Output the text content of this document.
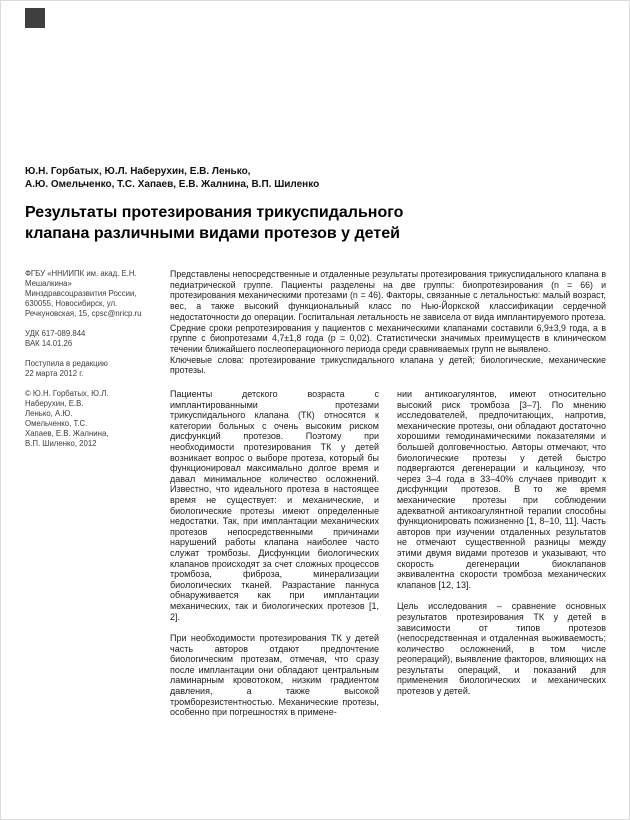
Ю.Н. Горбатых, Ю.Л. Наберухин, Е.В. Ленько,
А.Ю. Омельченко, Т.С. Хапаев, Е.В. Жалнина, В.П. Шиленко
Результаты протезирования трикуспидального
клапана различными видами протезов у детей
ФГБУ «ННИИПК им. акад. Е.Н. Мешалкина» Минздравсоцразвития России, 630055, Новосибирск, ул. Речкуновская, 15, cpsc@nricp.ru
УДК 617-089.844
ВАК 14.01.26
Поступила в редакцию 22 марта 2012 г.
© Ю.Н. Горбатых, Ю.Л. Наберухин, Е.В. Ленько, А.Ю. Омельченко, Т.С. Хапаев, Е.В. Жалнина, В.П. Шиленко, 2012

Представлены непосредственные и отдаленные результаты протезирования трикуспидального клапана в педиатрической группе. Пациенты разделены на две группы: биопротезирования (n = 66) и протезирования механическими протезами (n = 46). Факторы, связанные с летальностью: малый возраст, вес, а также высокий функциональный класс по Нью-Йоркской классификации сердечной недостаточности до операции. Госпитальная летальность не зависела от вида имплантируемого протеза. Средние сроки репротезирования у пациентов с механическими клапанами составили 6,9±3,9 года, а в группе с биопротезами 4,7±1,8 года (p = 0,02). Статистически значимых преимуществ в клиническом течении ближайшего послеоперационного периода среди сравниваемых групп не выявлено.

Ключевые слова: протезирование трикуспидального клапана у детей; биологические, механические протезы.

Пациенты детского возраста с имплантированными протезами трикуспидального клапана (ТК) относятся к категории больных с очень высоким риском дисфункций протезов. Поэтому при необходимости протезирования ТК у детей возникает вопрос о выборе протеза, который бы функционировал максимально долгое время и давал минимальное количество осложнений. Известно, что идеального протеза в настоящее время не существует: и механические, и биологические протезы имеют определенные недостатки. Так, при имплантации механических протезов непосредственными причинами нарушений работы клапана наиболее часто служат тромбозы. Дисфункции биологических клапанов происходят за счет сложных процессов тромбоза, фиброза, минерализации биологических тканей. Разрастание паннуса обнаруживается как при имплантации механических, так и биологических протезов [1, 2].

При необходимости протезирования ТК у детей часть авторов отдают предпочтение биологическим протезам, отмечая, что сразу после имплантации они обладают центральным ламинарным кровотоком, низким градиентом давления, а также высокой тромборезистентностью. Механические протезы, особенно при погрешностях в примене-

нии антикоагулянтов, имеют относительно высокий риск тромбоза [3–7]. По мнению исследователей, предпочитающих, напротив, механические протезы, они обладают достаточно хорошими гемодинамическими показателями и большей долговечностью. Авторы отмечают, что биологические протезы у детей быстро подвергаются дегенерации и кальцинозу, что через 3–4 года в 33–40% случаев приводит к дисфункции протезов. В то же время механические протезы при соблюдении адекватной антикоагулянтной терапии способны функционировать пожизненно [1, 8–10, 11]. Часть авторов при изучении отдаленных результатов не отмечают существенной разницы между этими двумя видами протезов и указывают, что скорость дегенерации биоклапанов эквивалентна скорости тромбоза механических клапанов [12, 13].

Цель исследования – сравнение основных результатов протезирования ТК у детей в зависимости от типов протезов (непосредственная и отдаленная выживаемость; количество осложнений, в том числе реопераций), выявление факторов, влияющих на результаты операций, и показаний для применения биологических и механических протезов у детей.
